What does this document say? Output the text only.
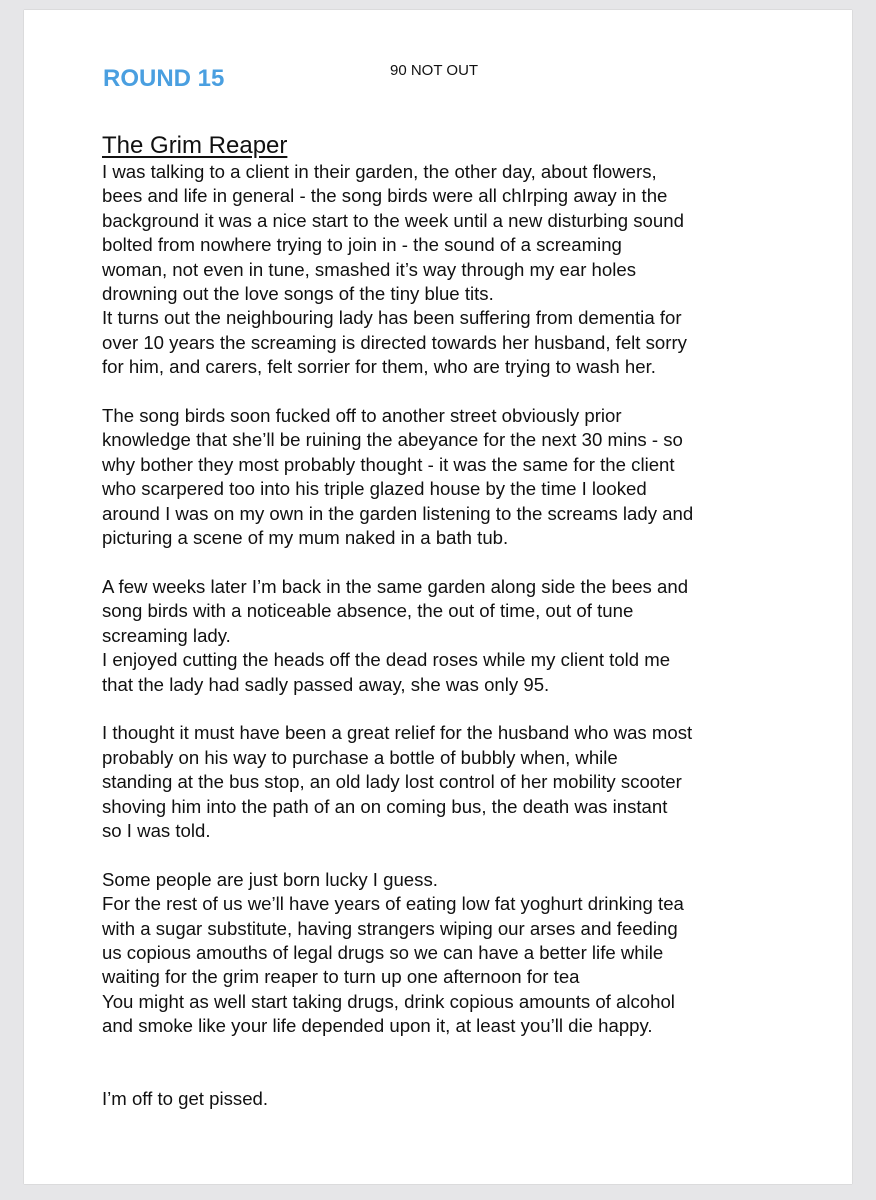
ROUND 15	90 NOT OUT

The Grim Reaper

I was talking to a client in their garden, the other day, about flowers,
bees and life in general - the song birds were all chIrping away in the
background it was a nice start to the week until a new disturbing sound
bolted from nowhere trying to join in - the sound of a screaming
woman, not even in tune, smashed it’s way through my ear holes
drowning out the love songs of the tiny blue tits.
It turns out the neighbouring lady has been suffering from dementia for
over 10 years the screaming is directed towards her husband, felt sorry
for him, and carers, felt sorrier for them, who are trying to wash her.

The song birds soon fucked off to another street obviously prior
knowledge that she’ll be ruining the abeyance for the next 30 mins - so
why bother they most probably thought - it was the same for the client
who scarpered too into his triple glazed house by the time I looked
around I was on my own in the garden listening to the screams lady and
picturing a scene of my mum naked in a bath tub.

A few weeks later I’m back in the same garden along side the bees and
song birds with a noticeable absence, the out of time, out of tune
screaming lady.
I enjoyed cutting the heads off the dead roses while my client told me
that the lady had sadly passed away, she was only 95.

I thought it must have been a great relief for the husband who was most
probably on his way to purchase a bottle of bubbly when, while
standing at the bus stop, an old lady lost control of her mobility scooter
shoving him into the path of an on coming bus, the death was instant
so I was told.

Some people are just born lucky I guess.
For the rest of us we’ll have years of eating low fat yoghurt drinking tea
with a sugar substitute, having strangers wiping our arses and feeding
us copious amouths of legal drugs so we can have a better life while
waiting for the grim reaper to turn up one afternoon for tea
You might as well start taking drugs, drink copious amounts of alcohol
and smoke like your life depended upon it, at least you’ll die happy.

I’m off to get pissed.
